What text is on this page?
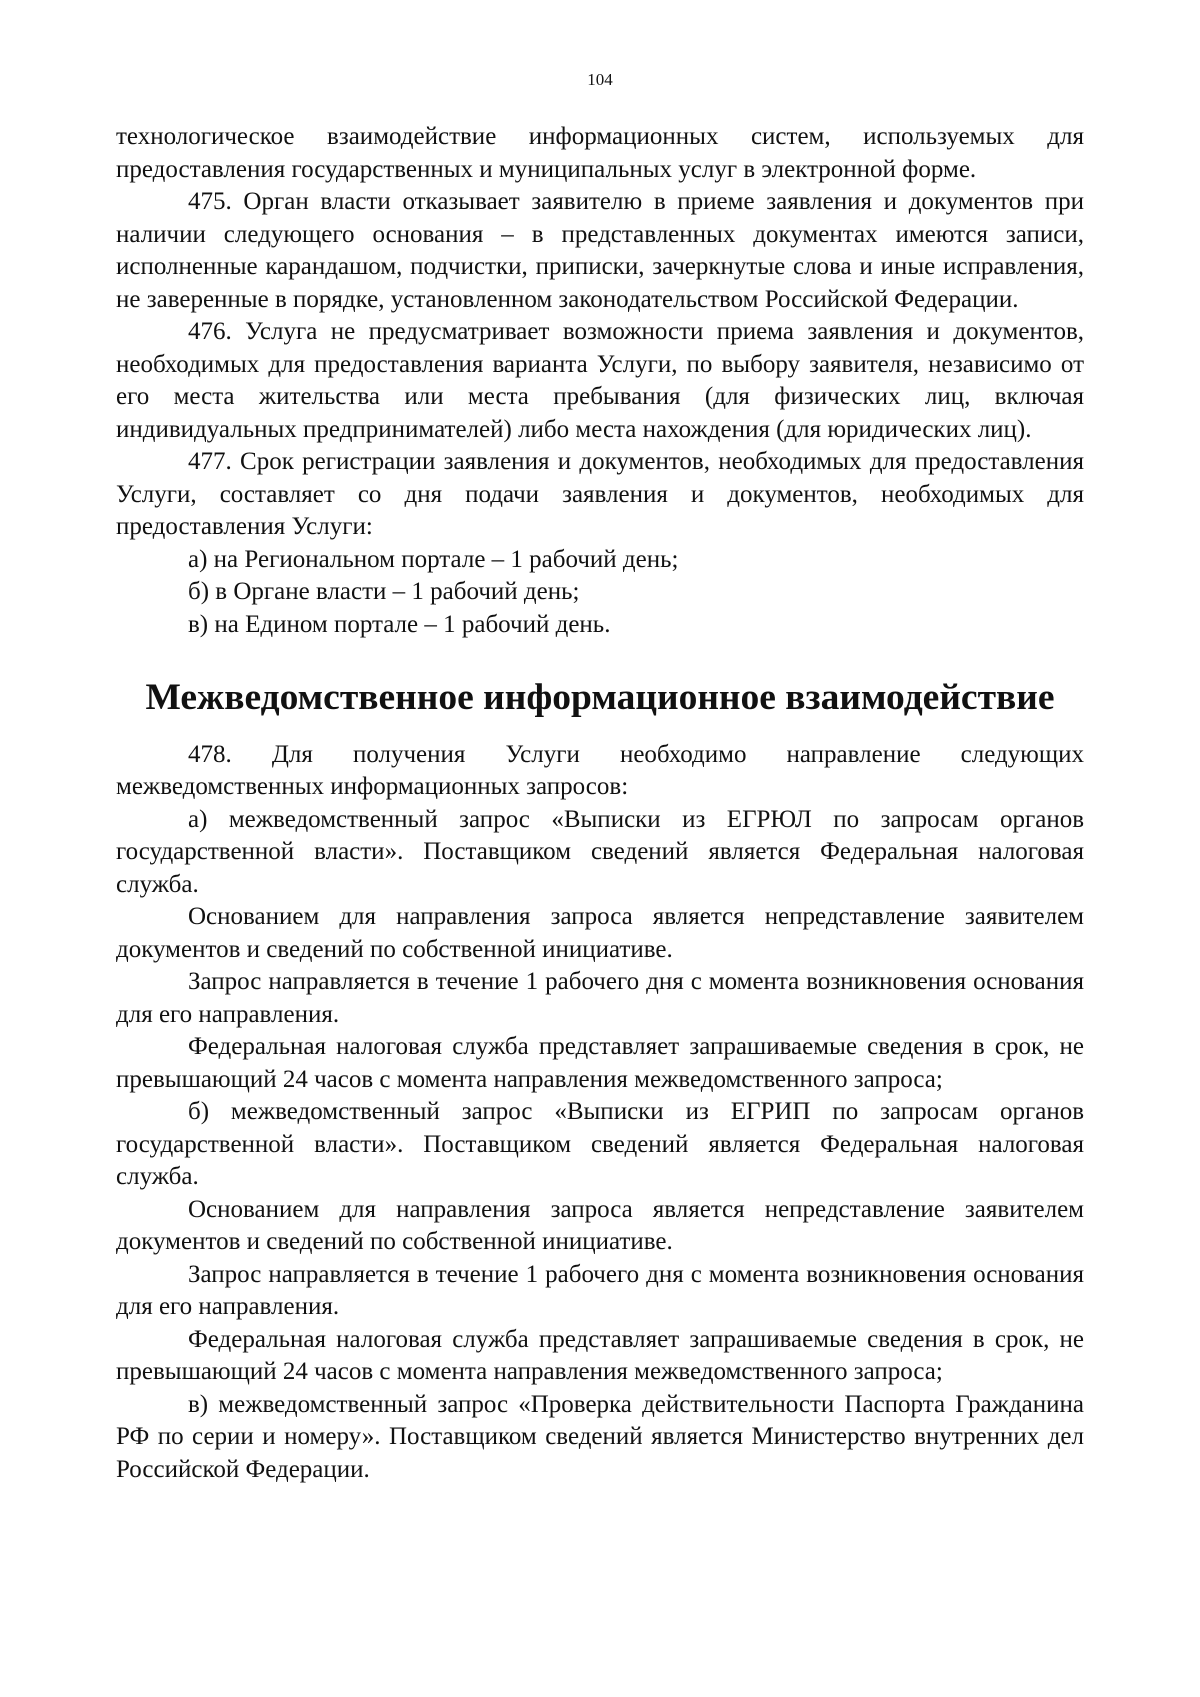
104

технологическое взаимодействие информационных систем, используемых для предоставления государственных и муниципальных услуг в электронной форме.

475. Орган власти отказывает заявителю в приеме заявления и документов при наличии следующего основания – в представленных документах имеются записи, исполненные карандашом, подчистки, приписки, зачеркнутые слова и иные исправления, не заверенные в порядке, установленном законодательством Российской Федерации.

476. Услуга не предусматривает возможности приема заявления и документов, необходимых для предоставления варианта Услуги, по выбору заявителя, независимо от его места жительства или места пребывания (для физических лиц, включая индивидуальных предпринимателей) либо места нахождения (для юридических лиц).

477. Срок регистрации заявления и документов, необходимых для предоставления Услуги, составляет со дня подачи заявления и документов, необходимых для предоставления Услуги:

а) на Региональном портале – 1 рабочий день;

б) в Органе власти – 1 рабочий день;

в) на Едином портале – 1 рабочий день.

Межведомственное информационное взаимодействие

478. Для получения Услуги необходимо направление следующих межведомственных информационных запросов:

а) межведомственный запрос «Выписки из ЕГРЮЛ по запросам органов государственной власти». Поставщиком сведений является Федеральная налоговая служба.

Основанием для направления запроса является непредставление заявителем документов и сведений по собственной инициативе.

Запрос направляется в течение 1 рабочего дня с момента возникновения основания для его направления.

Федеральная налоговая служба представляет запрашиваемые сведения в срок, не превышающий 24 часов с момента направления межведомственного запроса;

б) межведомственный запрос «Выписки из ЕГРИП по запросам органов государственной власти». Поставщиком сведений является Федеральная налоговая служба.

Основанием для направления запроса является непредставление заявителем документов и сведений по собственной инициативе.

Запрос направляется в течение 1 рабочего дня с момента возникновения основания для его направления.

Федеральная налоговая служба представляет запрашиваемые сведения в срок, не превышающий 24 часов с момента направления межведомственного запроса;

в) межведомственный запрос «Проверка действительности Паспорта Гражданина РФ по серии и номеру». Поставщиком сведений является Министерство внутренних дел Российской Федерации.
